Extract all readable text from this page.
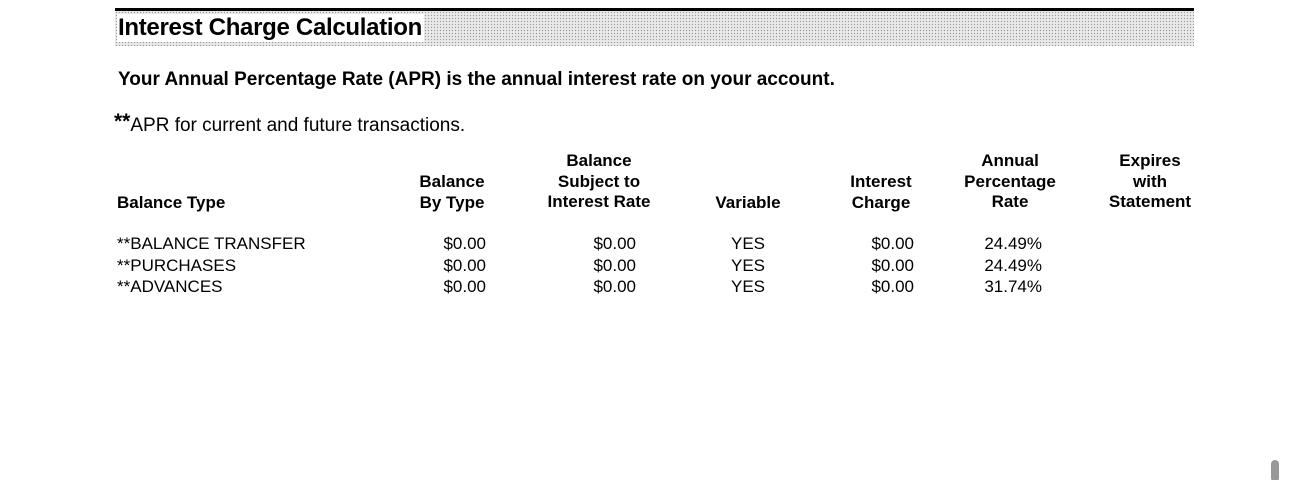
Interest Charge Calculation
Your Annual Percentage Rate (APR) is the annual interest rate on your account.
**APR for current and future transactions.
Balance Type
Balance
By Type
Balance
Subject to
Interest Rate	Variable
Interest
Charge
Annual
Percentage
Rate
Expires
with
Statement
**BALANCE TRANSFER
**PURCHASES
**ADVANCES
$0.00
$0.00
$0.00
$0.00
$0.00
$0.00
YES
YES
YES
$0.00
$0.00
$0.00
24.49%
24.49%
31.74%
